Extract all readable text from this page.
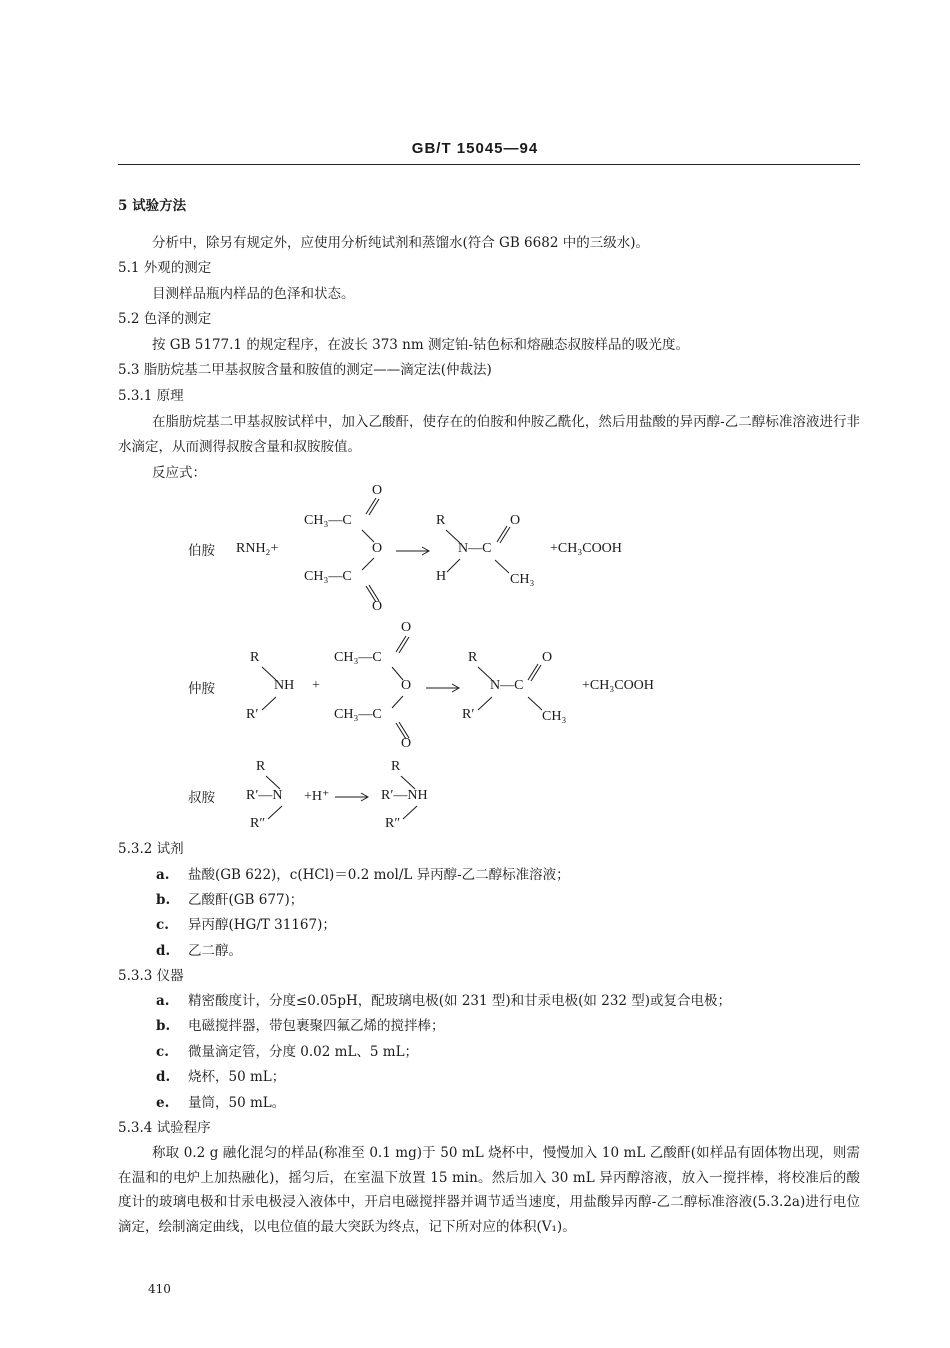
GB/T 15045—94
5 试验方法
分析中，除另有规定外，应使用分析纯试剂和蒸馏水(符合 GB 6682 中的三级水)。
5.1 外观的测定
目测样品瓶内样品的色泽和状态。
5.2 色泽的测定
按 GB 5177.1 的规定程序，在波长 373 nm 测定铂-钴色标和熔融态叔胺样品的吸光度。
5.3 脂肪烷基二甲基叔胺含量和胺值的测定——滴定法(仲裁法)
5.3.1 原理
在脂肪烷基二甲基叔胺试样中，加入乙酸酐，使存在的伯胺和仲胺乙酰化，然后用盐酸的异丙醇-乙二醇标准溶液进行非水滴定，从而测得叔胺含量和叔胺胺值。
反应式：
伯胺 RNH₂+
O
CH₃—C
O
CH₃—C
O
R	O
N—C
H	CH₃
+CH₃COOH
仲胺
R
NH
R′
+
O
CH₃—C
O
CH₃—C
O
R	O
N—C
R′	CH₃
+CH₃COOH
叔胺
R
R′—N
R″
+H⁺
R
R′—NH
R″
5.3.2 试剂
a. 盐酸(GB 622)，c(HCl)＝0.2 mol/L 异丙醇-乙二醇标准溶液；
b. 乙酸酐(GB 677)；
c. 异丙醇(HG/T 31167)；
d. 乙二醇。
5.3.3 仪器
a. 精密酸度计，分度≤0.05pH，配玻璃电极(如 231 型)和甘汞电极(如 232 型)或复合电极；
b. 电磁搅拌器，带包裹聚四氟乙烯的搅拌棒；
c. 微量滴定管，分度 0.02 mL、5 mL；
d. 烧杯，50 mL；
e. 量筒，50 mL。
5.3.4 试验程序
称取 0.2 g 融化混匀的样品(称准至 0.1 mg)于 50 mL 烧杯中，慢慢加入 10 mL 乙酸酐(如样品有固体物出现，则需在温和的电炉上加热融化)，摇匀后，在室温下放置 15 min。然后加入 30 mL 异丙醇溶液，放入一搅拌棒，将校准后的酸度计的玻璃电极和甘汞电极浸入液体中，开启电磁搅拌器并调节适当速度，用盐酸异丙醇-乙二醇标准溶液(5.3.2a)进行电位滴定，绘制滴定曲线，以电位值的最大突跃为终点，记下所对应的体积(V₁)。
410
